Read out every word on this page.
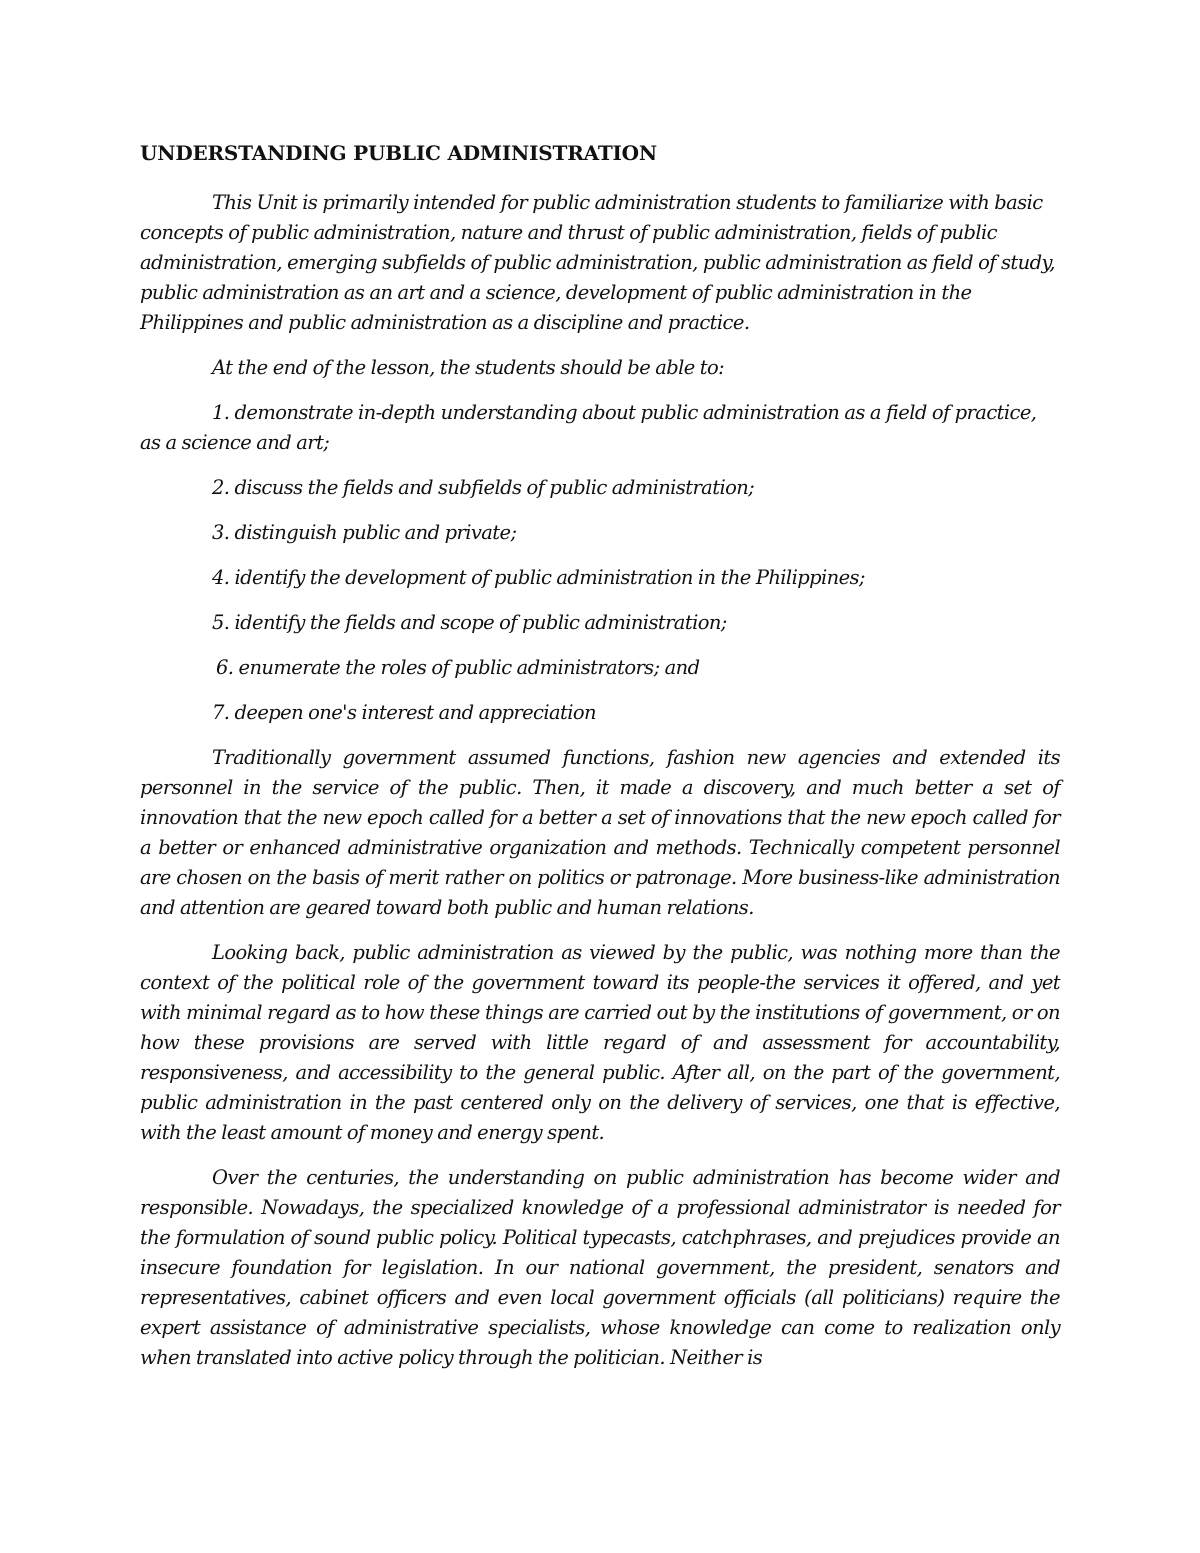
UNDERSTANDING PUBLIC ADMINISTRATION

This Unit is primarily intended for public administration students to familiarize with basic concepts of public administration, nature and thrust of public administration, fields of public administration, emerging subfields of public administration, public administration as field of study, public administration as an art and a science, development of public administration in the Philippines and public administration as a discipline and practice.

At the end of the lesson, the students should be able to:

1. demonstrate in-depth understanding about public administration as a field of practice, as a science and art;

2. discuss the fields and subfields of public administration;

3. distinguish public and private;

4. identify the development of public administration in the Philippines;

5. identify the fields and scope of public administration;

6. enumerate the roles of public administrators; and

7. deepen one's interest and appreciation

Traditionally government assumed functions, fashion new agencies and extended its personnel in the service of the public. Then, it made a discovery, and much better a set of innovation that the new epoch called for a better a set of innovations that the new epoch called for a better or enhanced administrative organization and methods. Technically competent personnel are chosen on the basis of merit rather on politics or patronage. More business-like administration and attention are geared toward both public and human relations.

Looking back, public administration as viewed by the public, was nothing more than the context of the political role of the government toward its people-the services it offered, and yet with minimal regard as to how these things are carried out by the institutions of government, or on how these provisions are served with little regard of and assessment for accountability, responsiveness, and accessibility to the general public. After all, on the part of the government, public administration in the past centered only on the delivery of services, one that is effective, with the least amount of money and energy spent.

Over the centuries, the understanding on public administration has become wider and responsible. Nowadays, the specialized knowledge of a professional administrator is needed for the formulation of sound public policy. Political typecasts, catchphrases, and prejudices provide an insecure foundation for legislation. In our national government, the president, senators and representatives, cabinet officers and even local government officials (all politicians) require the expert assistance of administrative specialists, whose knowledge can come to realization only when translated into active policy through the politician. Neither is
